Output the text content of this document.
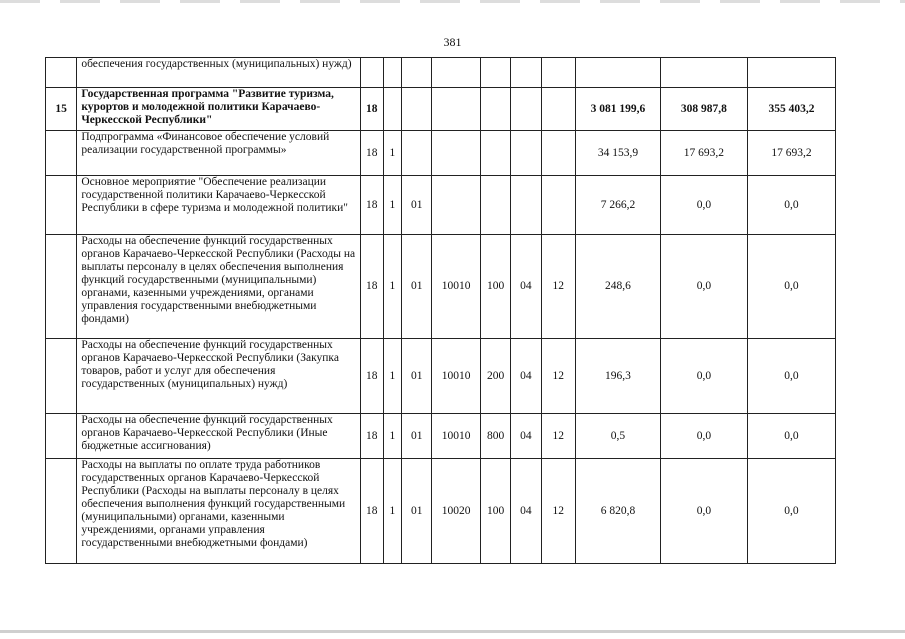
381
	обеспечения государственных (муниципальных) нужд)										
15	Государственная программа "Развитие туризма, курортов и молодежной политики Карачаево-Черкесской Республики"	18							3 081 199,6	308 987,8	355 403,2
	Подпрограмма «Финансовое обеспечение условий реализации государственной программы»	18	1						34 153,9	17 693,2	17 693,2
	Основное мероприятие "Обеспечение реализации государственной политики Карачаево-Черкесской Республики в сфере туризма и молодежной политики"	18	1	01					7 266,2	0,0	0,0
	Расходы на обеспечение функций государственных органов Карачаево-Черкесской Республики (Расходы на выплаты персоналу в целях обеспечения выполнения функций государственными (муниципальными) органами, казенными учреждениями, органами управления государственными внебюджетными фондами)	18	1	01	10010	100	04	12	248,6	0,0	0,0
	Расходы на обеспечение функций государственных органов Карачаево-Черкесской Республики (Закупка товаров, работ и услуг для обеспечения государственных (муниципальных) нужд)	18	1	01	10010	200	04	12	196,3	0,0	0,0
	Расходы на обеспечение функций государственных органов Карачаево-Черкесской Республики (Иные бюджетные ассигнования)	18	1	01	10010	800	04	12	0,5	0,0	0,0
	Расходы на выплаты по оплате труда работников государственных органов Карачаево-Черкесской Республики (Расходы на выплаты персоналу в целях обеспечения выполнения функций государственными (муниципальными) органами, казенными учреждениями, органами управления государственными внебюджетными фондами)	18	1	01	10020	100	04	12	6 820,8	0,0	0,0
